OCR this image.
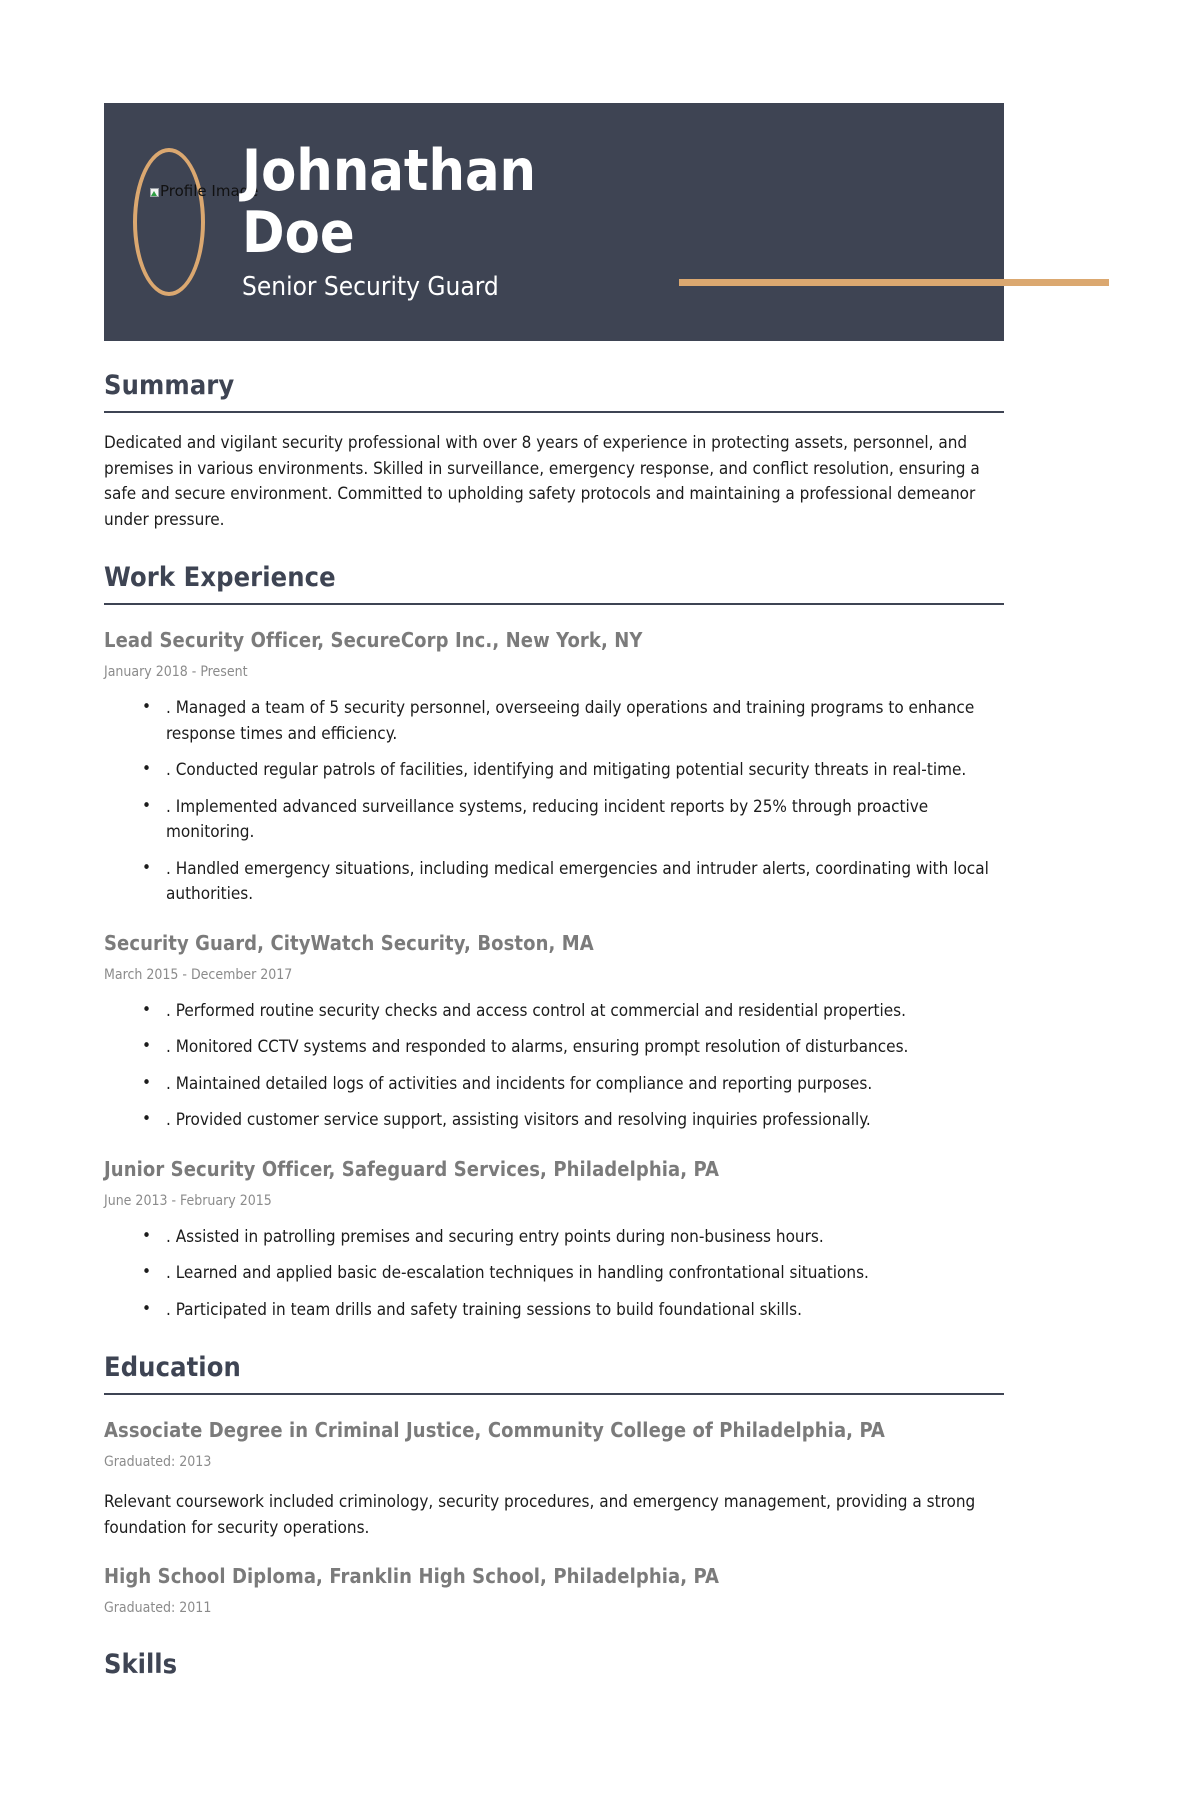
Profile Image
Johnathan
Doe
Senior Security Guard
Summary

Dedicated and vigilant security professional with over 8 years of experience in protecting assets, personnel, and premises in various environments. Skilled in surveillance, emergency response, and conflict resolution, ensuring a safe and secure environment. Committed to upholding safety protocols and maintaining a professional demeanor under pressure.

Work Experience
Lead Security Officer, SecureCorp Inc., New York, NY
January 2018 - Present
• . Managed a team of 5 security personnel, overseeing daily operations and training programs to enhance response times and efficiency.
• . Conducted regular patrols of facilities, identifying and mitigating potential security threats in real-time.
• . Implemented advanced surveillance systems, reducing incident reports by 25% through proactive monitoring.
• . Handled emergency situations, including medical emergencies and intruder alerts, coordinating with local authorities.
Security Guard, CityWatch Security, Boston, MA
March 2015 - December 2017
• . Performed routine security checks and access control at commercial and residential properties.
• . Monitored CCTV systems and responded to alarms, ensuring prompt resolution of disturbances.
• . Maintained detailed logs of activities and incidents for compliance and reporting purposes.
• . Provided customer service support, assisting visitors and resolving inquiries professionally.
Junior Security Officer, Safeguard Services, Philadelphia, PA
June 2013 - February 2015
• . Assisted in patrolling premises and securing entry points during non-business hours.
• . Learned and applied basic de-escalation techniques in handling confrontational situations.
• . Participated in team drills and safety training sessions to build foundational skills.
Education
Associate Degree in Criminal Justice, Community College of Philadelphia, PA
Graduated: 2013

Relevant coursework included criminology, security procedures, and emergency management, providing a strong foundation for security operations.

High School Diploma, Franklin High School, Philadelphia, PA
Graduated: 2011
Skills
